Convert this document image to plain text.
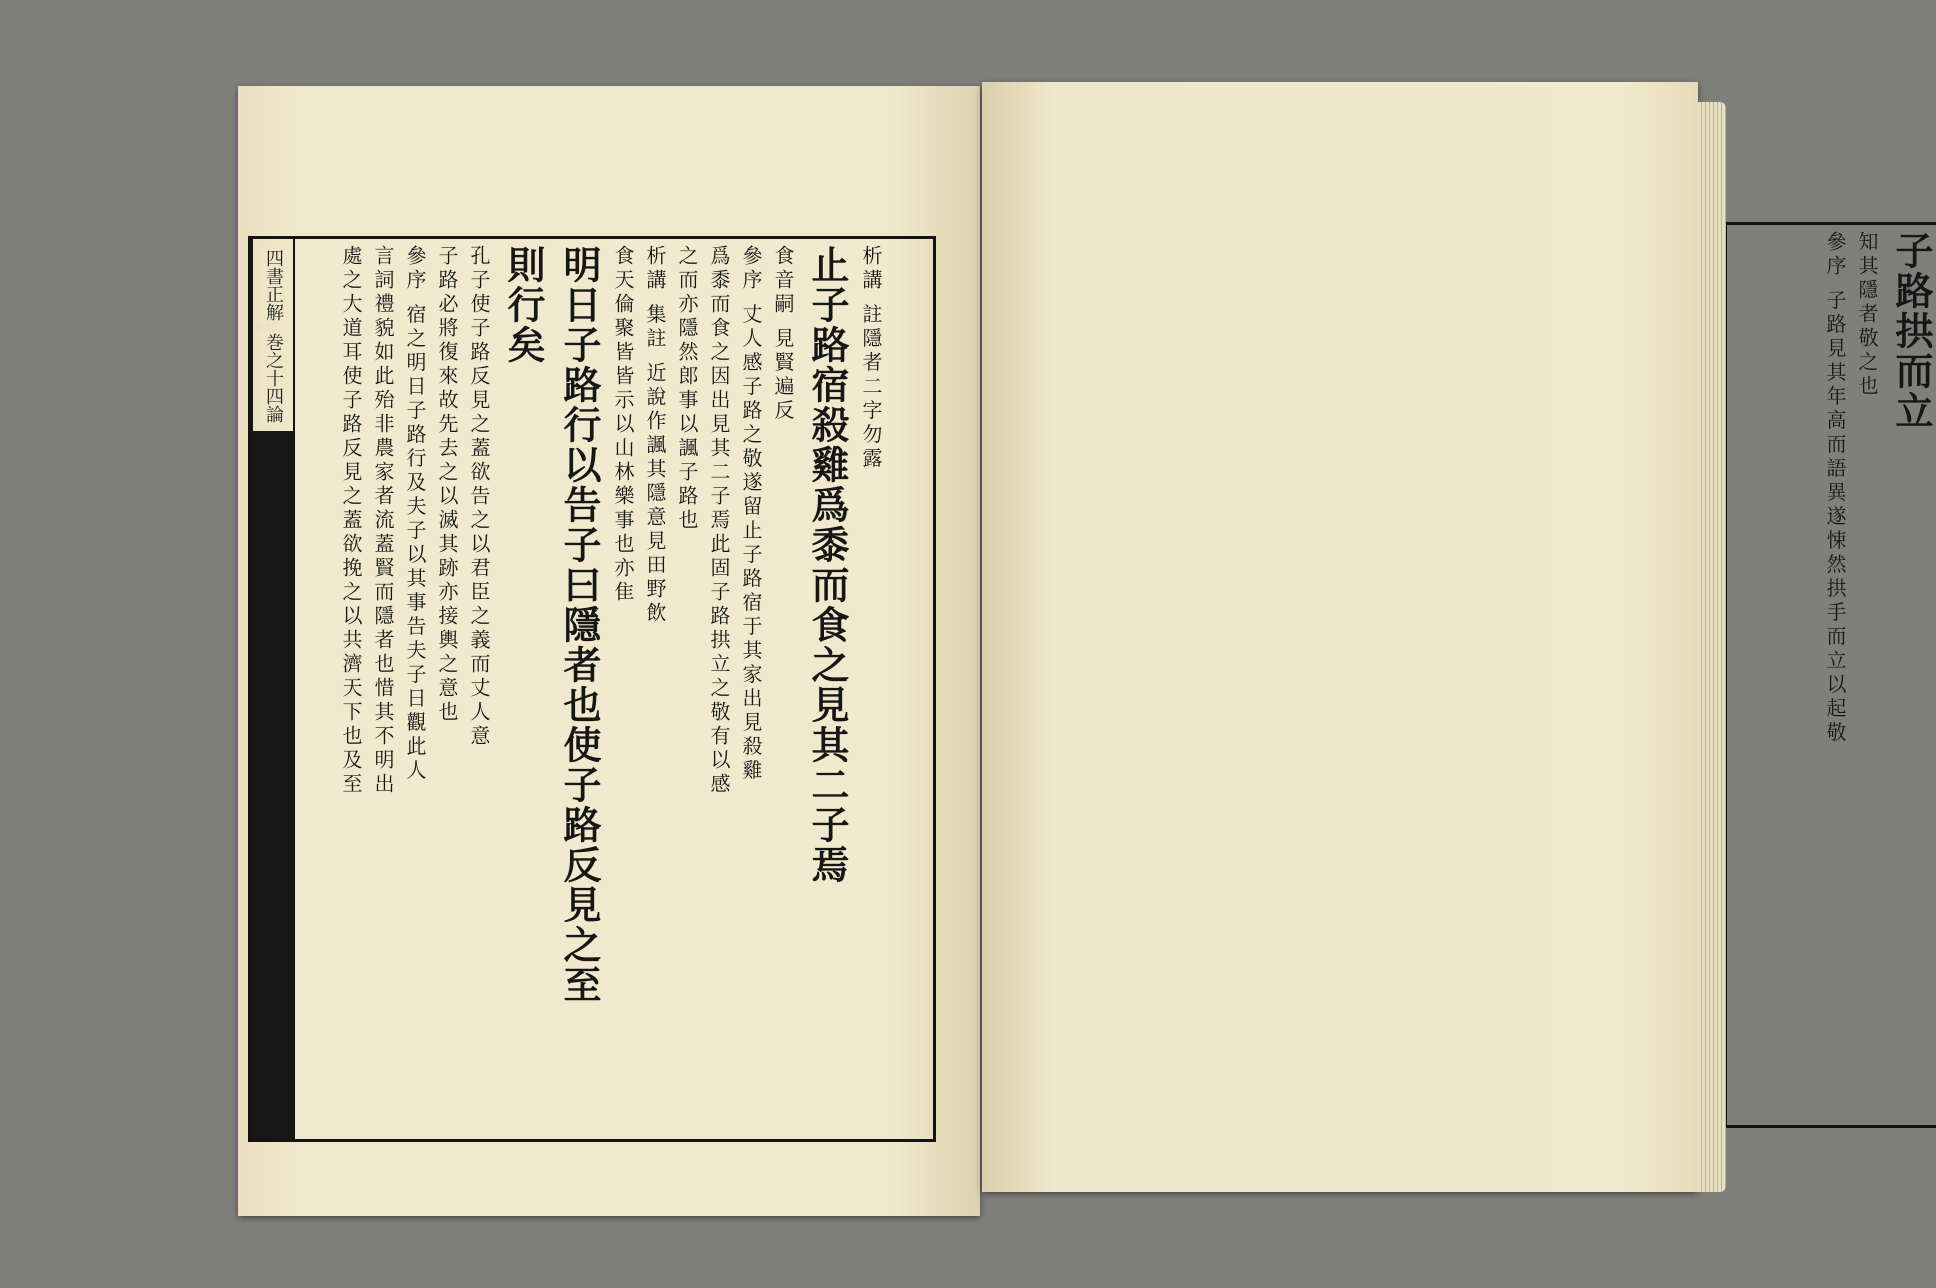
四書正解
巻之十四論	析講 註隱者二字勿露
止子路宿殺雞爲黍而食之見其二子焉
食音嗣 見賢遍反
參序 丈人感子路之敬遂留止子路宿于其家出見殺雞
爲黍而食之因出見其二子焉此固子路拱立之敬有以感
之而亦隱然郎事以諷子路也
析講 集註 近說作諷其隱意見田野飲
食天倫聚皆皆示以山林樂事也亦隹
明日子路行以告子曰隱者也使子路反見之至
則行矣
孔子使子路反見之蓋欲告之以君臣之義而丈人意
子路必將復來故先去之以滅其跡亦接輿之意也
參序 宿之明日子路行及夫子以其事告夫子日觀此人
言詞禮貌如此殆非農家者流蓋賢而隱者也惜其不明出
處之大道耳使子路反見之蓋欲挽之以共濟天下也及至	子路拱而立
知其隱者敬之也
參序 子路見其年高而語異遂悚然拱手而立以起敬
